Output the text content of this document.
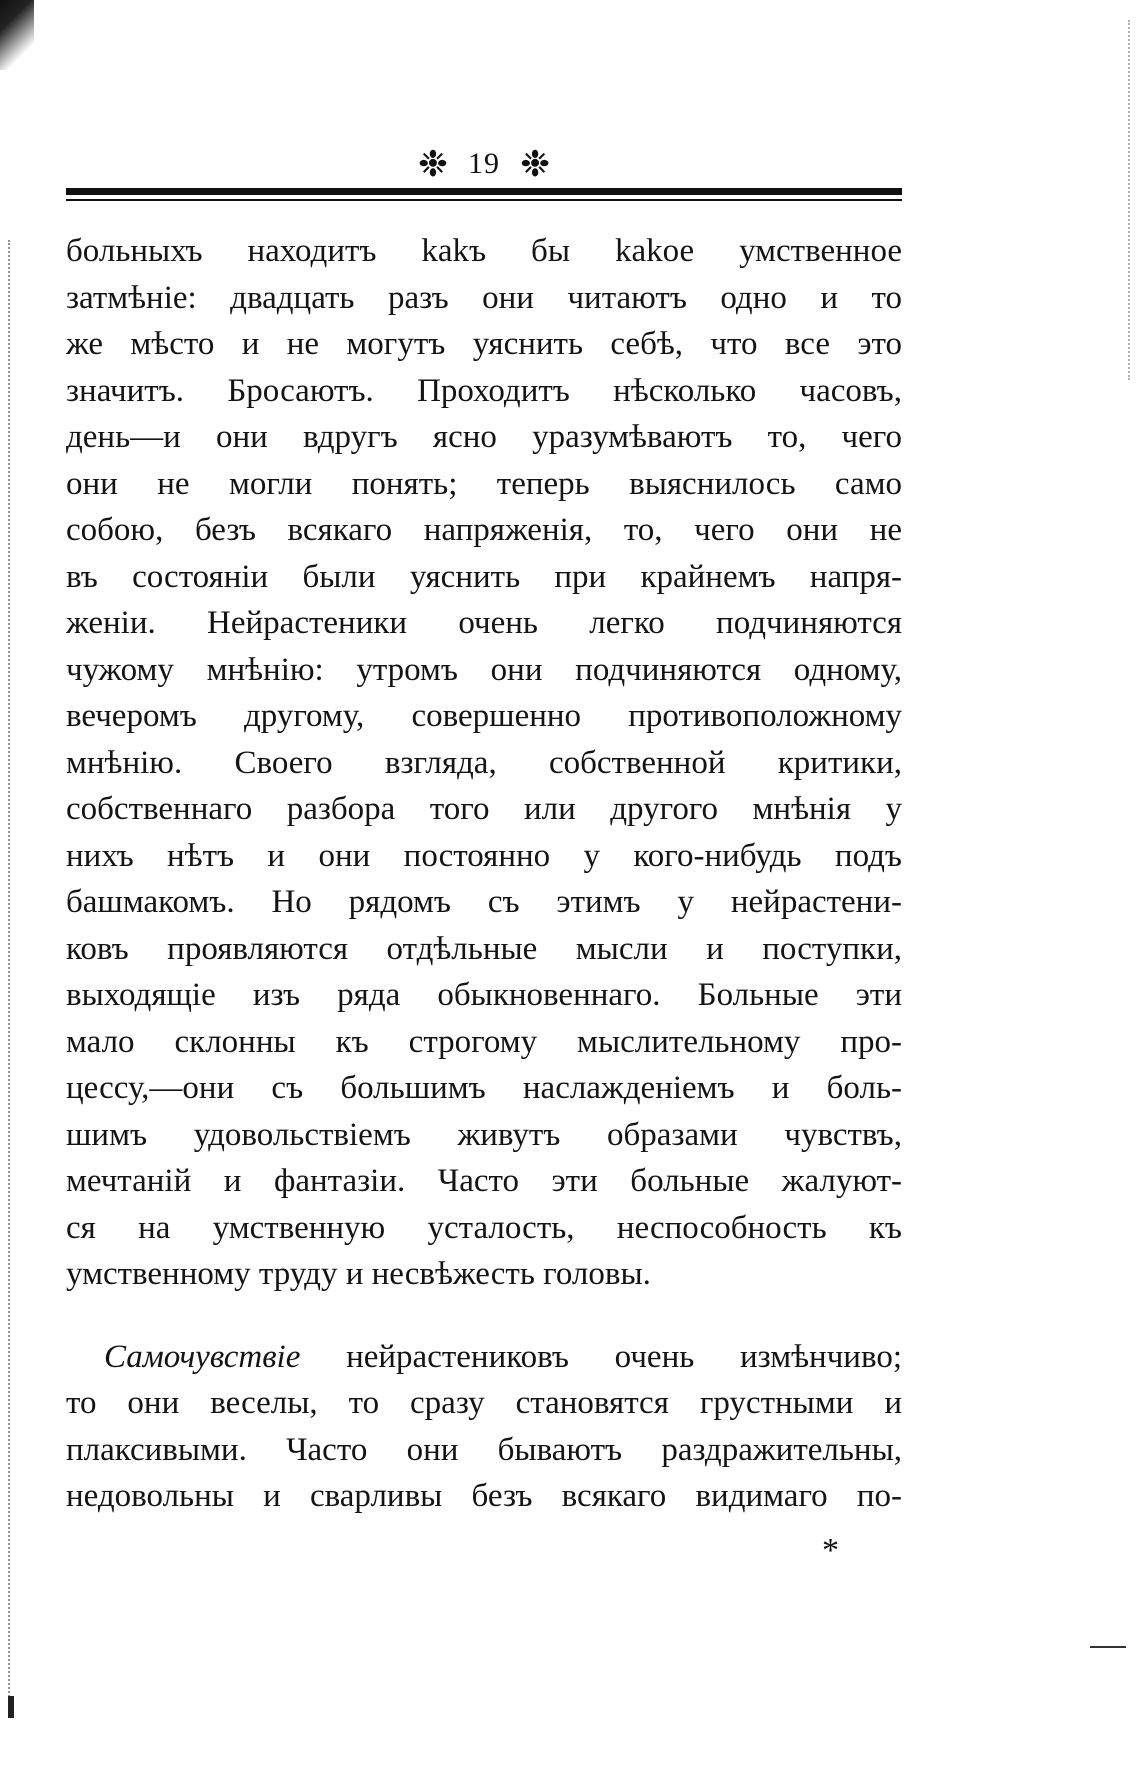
❉ 19 ❉
больныхъ находитъ kakъ бы kakое умственное
затмѣніе: двадцать разъ они читаютъ одно и то
же мѣсто и не могутъ уяснить себѣ, что все это
значитъ. Бросаютъ. Проходитъ нѣсколько часовъ,
день—и они вдругъ ясно уразумѣваютъ то, чего
они не могли понять; теперь выяснилось само
собою, безъ всякаго напряженія, то, чего они не
въ состояніи были уяснить при крайнемъ напря-
женіи. Нейрастеники очень легко подчиняются
чужому мнѣнію: утромъ они подчиняются одному,
вечеромъ другому, совершенно противоположному
мнѣнію. Своего взгляда, собственной критики,
собственнаго разбора того или другого мнѣнія у
нихъ нѣтъ и они постоянно у кого-нибудь подъ
башмакомъ. Но рядомъ съ этимъ у нейрастени-
ковъ проявляются отдѣльные мысли и поступки,
выходящіе изъ ряда обыкновеннаго. Больные эти
мало склонны къ строгому мыслительному про-
цессу,—они съ большимъ наслажденіемъ и боль-
шимъ удовольствіемъ живутъ образами чувствъ,
мечтаній и фантазіи. Часто эти больные жалуют-
ся на умственную усталость, неспособность къ
умственному труду и несвѣжесть головы.
Самочувствіе нейрастениковъ очень измѣнчиво;
то они веселы, то сразу становятся грустными и
плаксивыми. Часто они бываютъ раздражительны,
недовольны и сварливы безъ всякаго видимаго по-
*
